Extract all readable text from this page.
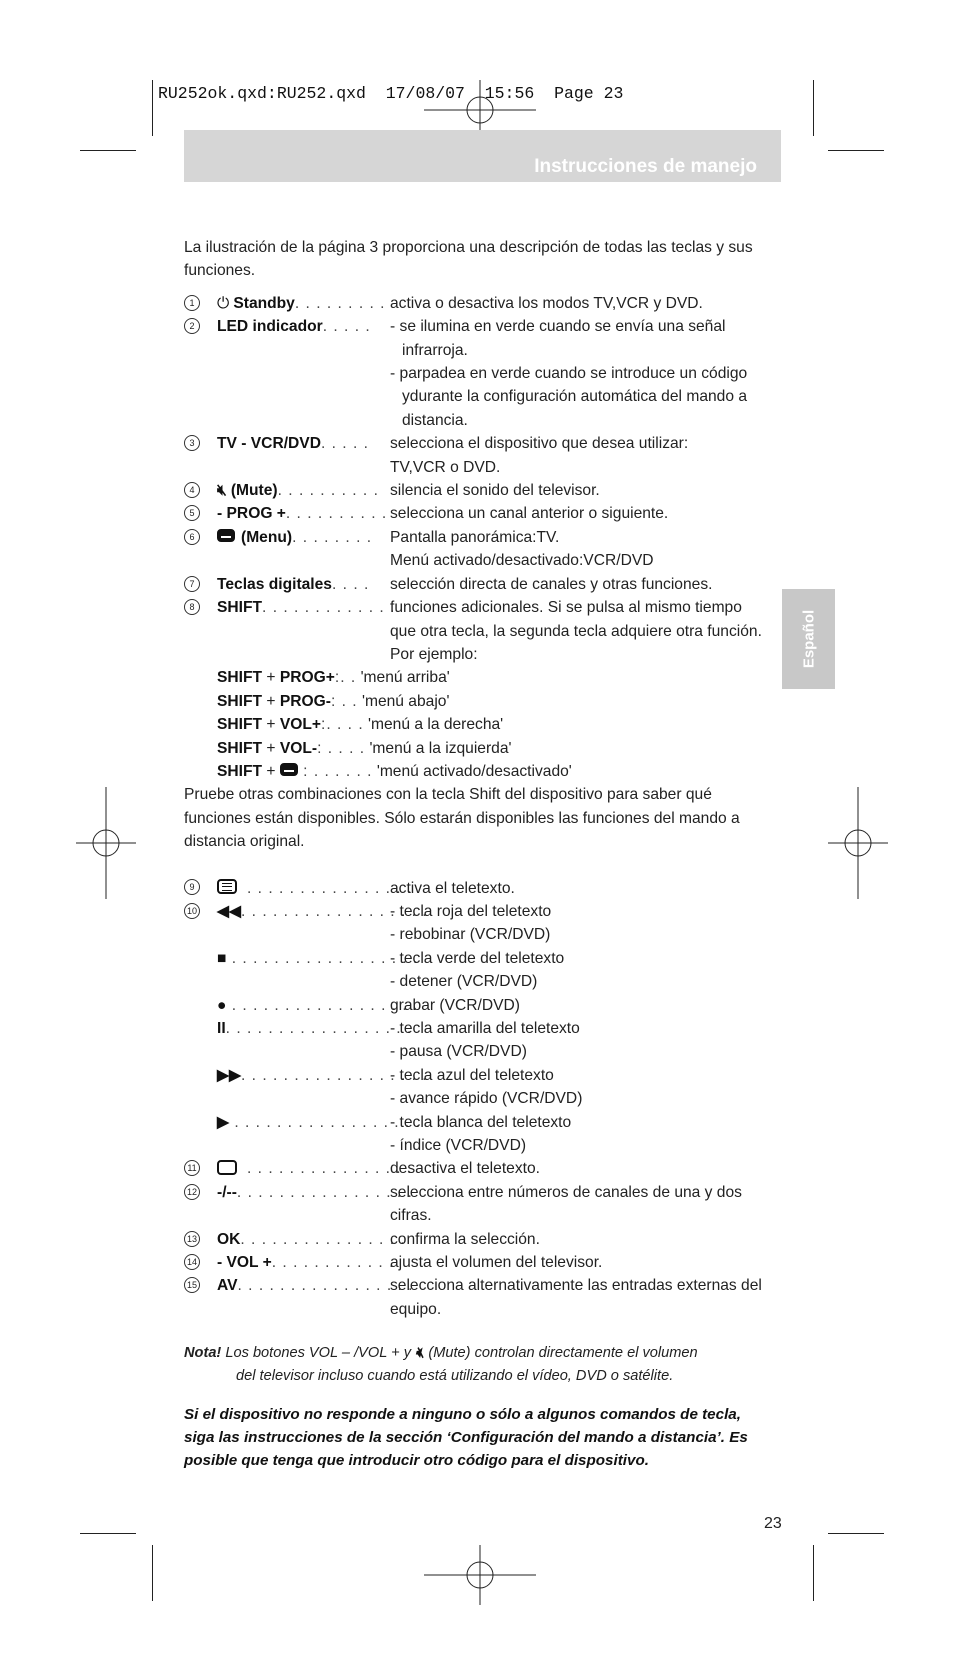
RU252ok.qxd:RU252.qxd  17/08/07  15:56  Page 23
Instrucciones de manejo
Español

La ilustración de la página 3 proporciona una descripción de todas las teclas y sus funciones.

1	⏻ Standby. . . . . . . . . activa o desactiva los modos TV,VCR y DVD.
2	LED indicador. . . . .	- se ilumina en verde cuando se envía una señal infrarroja.
- parpadea en verde cuando se introduce un código ydurante la configuración automática del mando a distancia.
3	TV - VCR/DVD. . . . .	selecciona el dispositivo que desea utilizar:
TV,VCR o DVD.
4	🔇︎ (Mute). . . . . . . . . . silencia el sonido del televisor.
5	- PROG +. . . . . . . . . . selecciona un canal anterior o siguiente.
6	(Menu). . . . . . . .	Pantalla panorámica:TV.
Menú activado/desactivado:VCR/DVD
7	Teclas digitales. . . .	selección directa de canales y otras funciones.
8	SHIFT. . . . . . . . . . . . .
funciones adicionales. Si se pulsa al mismo tiempo que otra tecla, la segunda tecla adquiere otra función. Por ejemplo:
SHIFT + PROG+:. . 'menú arriba'
SHIFT + PROG-: . . 'menú abajo'
SHIFT + VOL+:. . . . 'menú a la derecha'
SHIFT + VOL-: . . . . 'menú a la izquierda'
SHIFT +  : . . . . . . 'menú activado/desactivado'

Pruebe otras combinaciones con la tecla Shift del dispositivo para saber qué funciones están disponibles. Sólo estarán disponibles las funciones del mando a distancia original.

9	. . . . . . . . . . . . . . . .
activa el teletexto.
10	◀◀. . . . . . . . . . . . . . . . . .
- tecla roja del teletexto
- rebobinar (VCR/DVD)
■ . . . . . . . . . . . . . . . . . .
- tecla verde del teletexto
- detener (VCR/DVD)
● . . . . . . . . . . . . . . . . . .
grabar (VCR/DVD)
II. . . . . . . . . . . . . . . . . .
- tecla amarilla del teletexto
- pausa (VCR/DVD)
▶▶. . . . . . . . . . . . . . . . . .
- tecla azul del teletexto
- avance rápido (VCR/DVD)
▶ . . . . . . . . . . . . . . . . . .
- tecla blanca del teletexto
- índice (VCR/DVD)
11	. . . . . . . . . . . . . . . .
desactiva el teletexto.
12	-/--. . . . . . . . . . . . . . . . .
selecciona entre números de canales de una y dos cifras.
13	OK. . . . . . . . . . . . . . . .
confirma la selección.
14	- VOL +. . . . . . . . . . . .
ajusta el volumen del televisor.
15	AV. . . . . . . . . . . . . . . . .
selecciona alternativamente las entradas externas del equipo.
Nota! Los botones VOL – /VOL + y 🔇︎ (Mute) controlan directamente el volumen
del televisor incluso cuando está utilizando el vídeo, DVD o satélite.

Si el dispositivo no responde a ninguno o sólo a algunos comandos de tecla, siga las instrucciones de la sección ‘Configuración del mando a distancia’. Es posible que tenga que introducir otro código para el dispositivo.

23
